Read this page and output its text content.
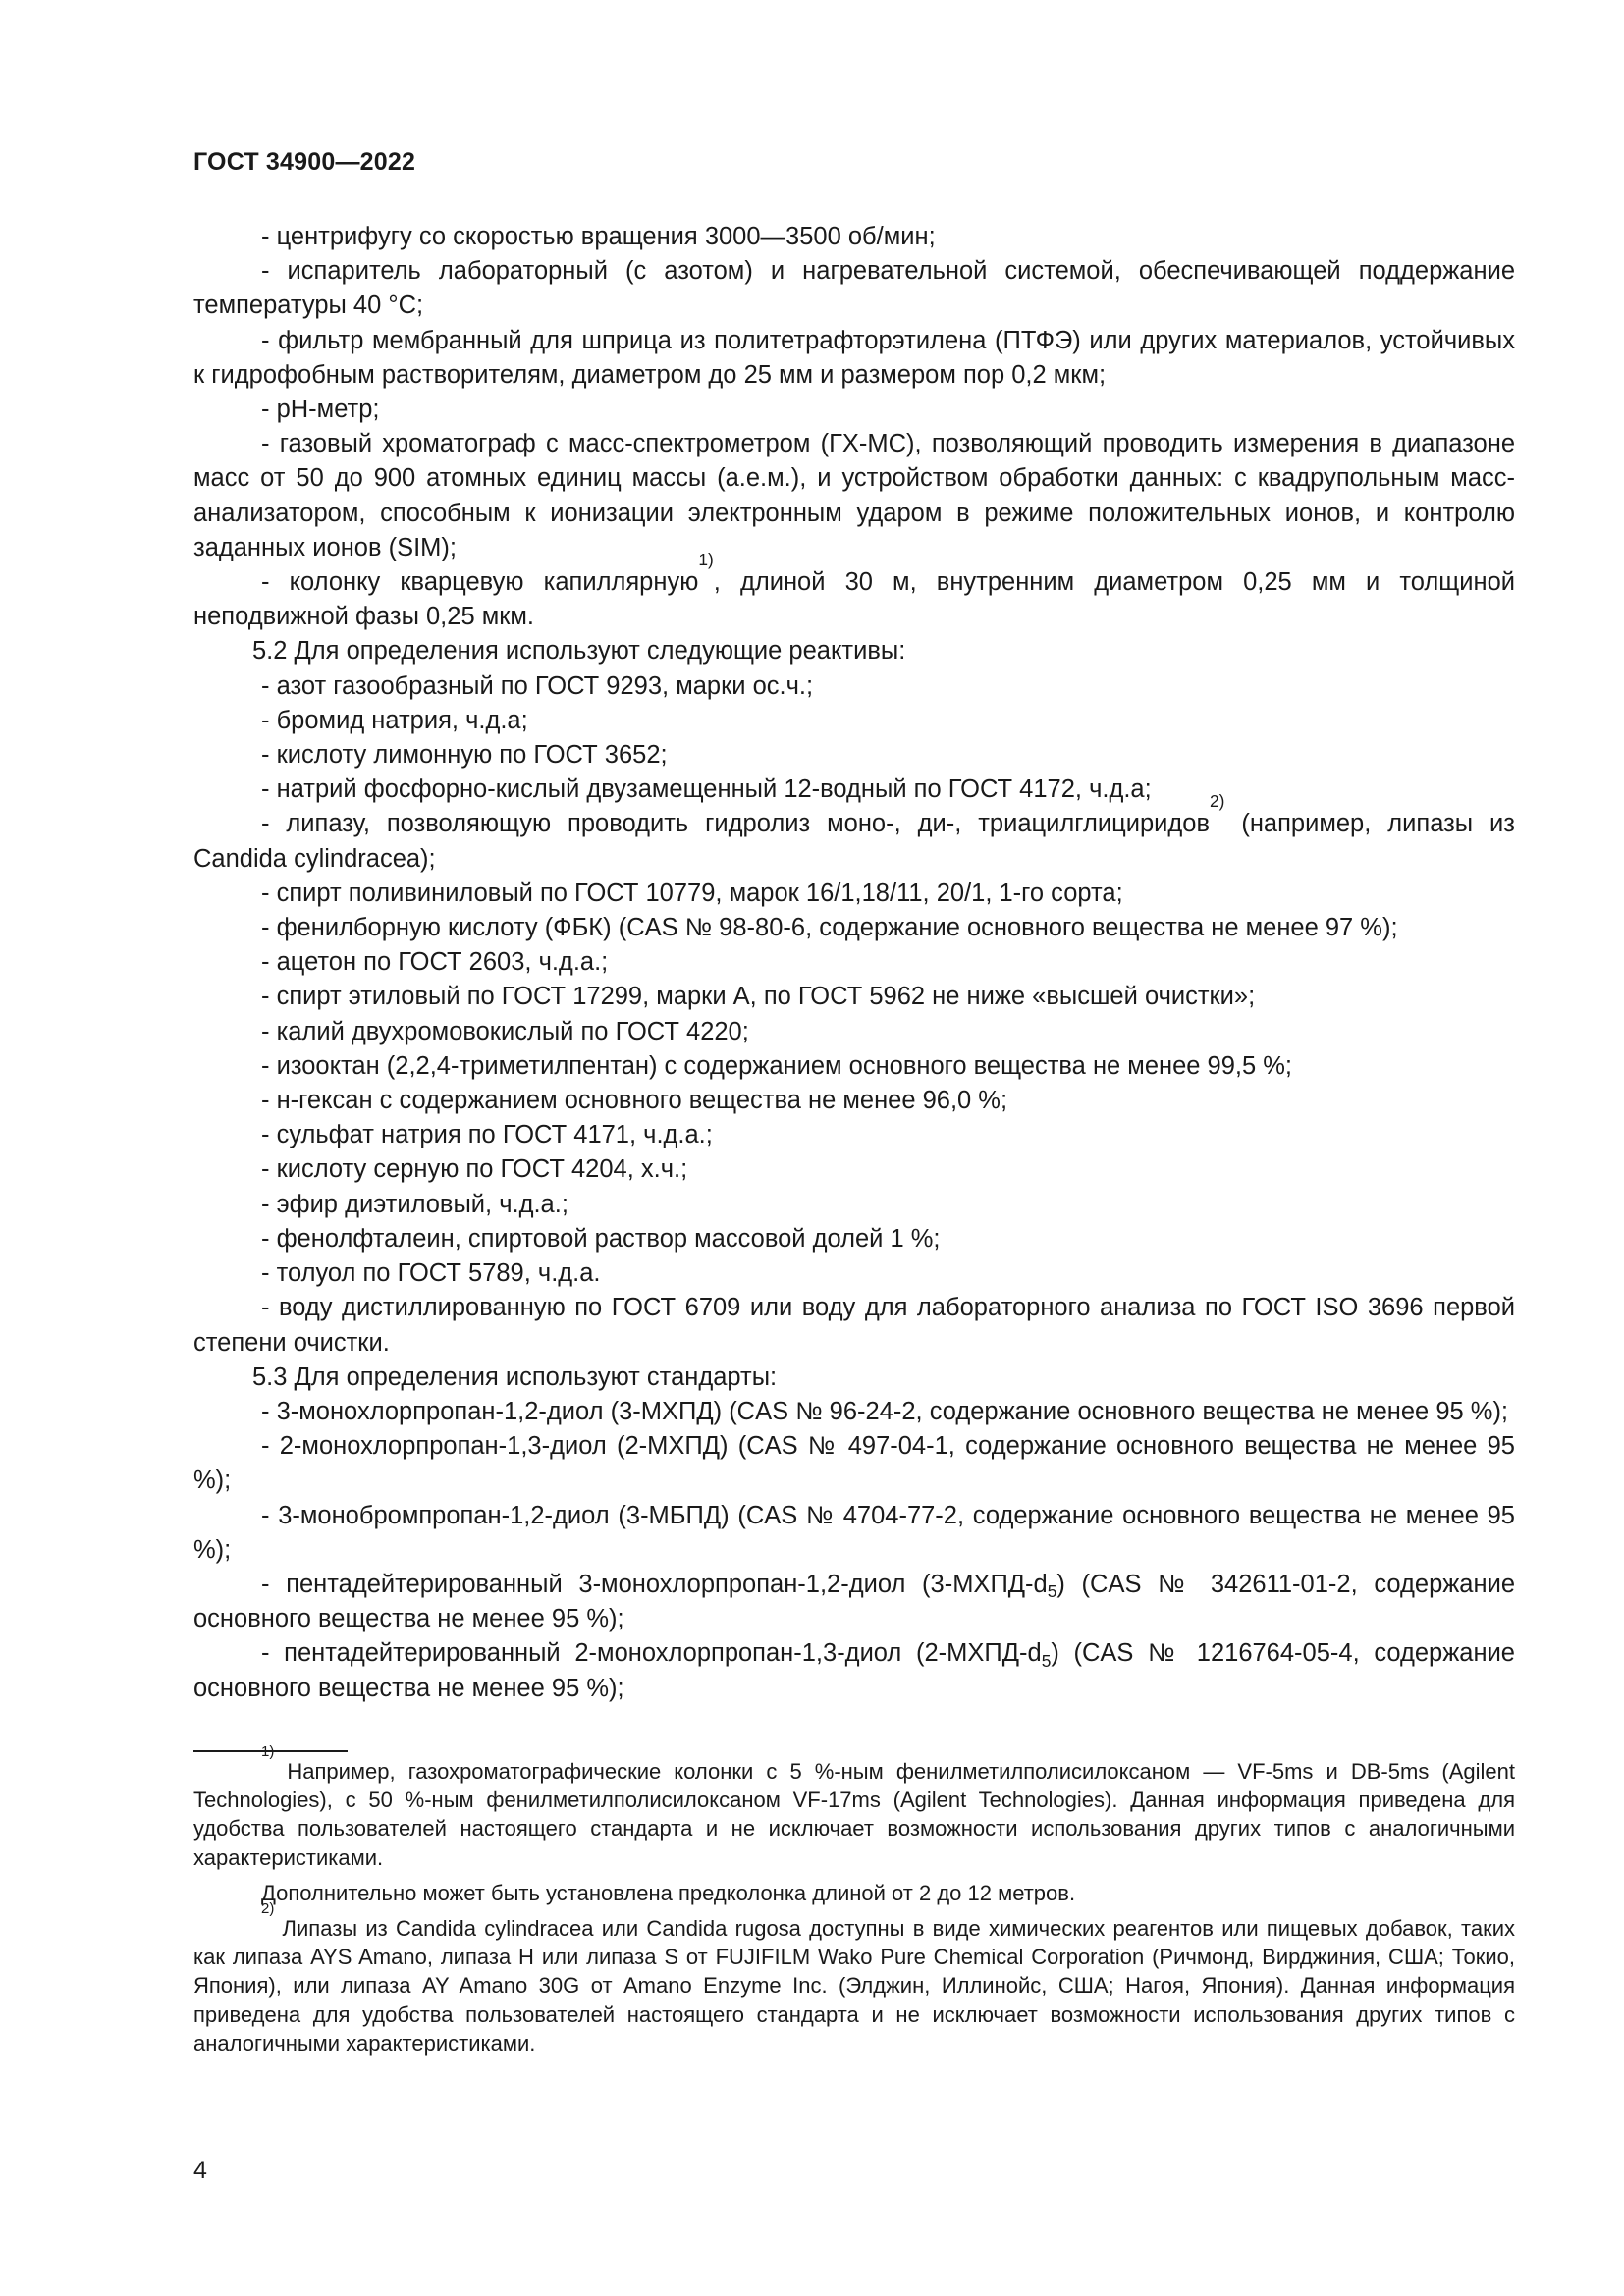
ГОСТ 34900—2022

- центрифугу со скоростью вращения 3000—3500 об/мин;

- испаритель лабораторный (с азотом) и нагревательной системой, обеспечивающей поддержание температуры 40 °C;

- фильтр мембранный для шприца из политетрафторэтилена (ПТФЭ) или других материалов, устойчивых к гидрофобным растворителям, диаметром до 25 мм и размером пор 0,2 мкм;

- pH-метр;

- газовый хроматограф с масс-спектрометром (ГХ-МС), позволяющий проводить измерения в диапазоне масс от 50 до 900 атомных единиц массы (а.е.м.), и устройством обработки данных: с квадрупольным масс-анализатором, способным к ионизации электронным ударом в режиме положительных ионов, и контролю заданных ионов (SIM);

- колонку кварцевую капиллярную$^{1)}$, длиной 30 м, внутренним диаметром 0,25 мм и толщиной неподвижной фазы 0,25 мкм.

5.2 Для определения используют следующие реактивы:

- азот газообразный по ГОСТ 9293, марки ос.ч.;

- бромид натрия, ч.д.а;

- кислоту лимонную по ГОСТ 3652;

- натрий фосфорно-кислый двузамещенный 12-водный по ГОСТ 4172, ч.д.а;

- липазу, позволяющую проводить гидролиз моно-, ди-, триацилглициридов$^{2)}$ (например, липазы из Candida cylindracea);

- спирт поливиниловый по ГОСТ 10779, марок 16/1,18/11, 20/1, 1-го сорта;

- фенилборную кислоту (ФБК) (CAS № 98-80-6, содержание основного вещества не менее 97 %);

- ацетон по ГОСТ 2603, ч.д.а.;

- спирт этиловый по ГОСТ 17299, марки А, по ГОСТ 5962 не ниже «высшей очистки»;

- калий двухромовокислый по ГОСТ 4220;

- изооктан (2,2,4-триметилпентан) с содержанием основного вещества не менее 99,5 %;

- н-гексан с содержанием основного вещества не менее 96,0 %;

- сульфат натрия по ГОСТ 4171, ч.д.а.;

- кислоту серную по ГОСТ 4204, х.ч.;

- эфир диэтиловый, ч.д.а.;

- фенолфталеин, спиртовой раствор массовой долей 1 %;

- толуол по ГОСТ 5789, ч.д.а.

- воду дистиллированную по ГОСТ 6709 или воду для лабораторного анализа по ГОСТ ISO 3696 первой степени очистки.

5.3 Для определения используют стандарты:

- 3-монохлорпропан-1,2-диол (3-МХПД) (CAS № 96-24-2, содержание основного вещества не менее 95 %);

- 2-монохлорпропан-1,3-диол (2-МХПД) (CAS № 497-04-1, содержание основного вещества не менее 95 %);

- 3-монобромпропан-1,2-диол (3-МБПД) (CAS № 4704-77-2, содержание основного вещества не менее 95 %);

- пентадейтерированный 3-монохлорпропан-1,2-диол $(3-МХПД-d_5)$ (CAS № 342611-01-2, содержание основного вещества не менее 95 %);

- пентадейтерированный 2-монохлорпропан-1,3-диол $(2-МХПД-d_5)$ (CAS № 1216764-05-4, содержание основного вещества не менее 95 %);

$^{1)}$ Например, газохроматографические колонки с 5 %-ным фенилметилполисилоксаном — VF-5ms и DB-5ms (Agilent Technologies), с 50 %-ным фенилметилполисилоксаном VF-17ms (Agilent Technologies). Данная информация приведена для удобства пользователей настоящего стандарта и не исключает возможности использования других типов с аналогичными характеристиками.

Дополнительно может быть установлена предколонка длиной от 2 до 12 метров.

$^{2)}$ Липазы из Candida cylindracea или Candida rugosa доступны в виде химических реагентов или пищевых добавок, таких как липаза AYS Amano, липаза Н или липаза S от FUJIFILM Wako Pure Chemical Corporation (Ричмонд, Вирджиния, США; Токио, Япония), или липаза AY Amano 30G от Amano Enzyme Inc. (Элджин, Иллинойс, США; Нагоя, Япония). Данная информация приведена для удобства пользователей настоящего стандарта и не исключает возможности использования других типов с аналогичными характеристиками.

4
